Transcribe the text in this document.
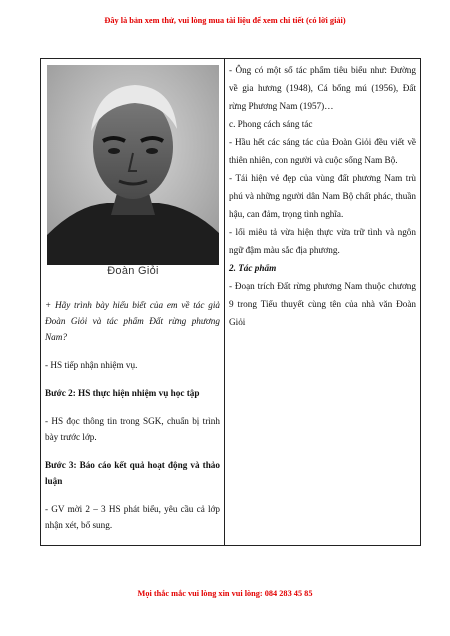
Đây là bản xem thử, vui lòng mua tài liệu để xem chi tiết (có lời giải)
Đoàn Giỏi

+ Hãy trình bày hiểu biết của em về tác giả Đoàn Giỏi và tác phẩm Đất rừng phương Nam?

- HS tiếp nhận nhiệm vụ.

Bước 2: HS thực hiện nhiệm vụ học tập

- HS đọc thông tin trong SGK, chuẩn bị trình bày trước lớp.

Bước 3: Báo cáo kết quả hoạt động và thảo luận

- GV mời 2 – 3 HS phát biểu, yêu cầu cả lớp nhận xét, bổ sung.

- Ông có một số tác phẩm tiêu biểu như: Đường về gia hương (1948), Cá bống mú (1956), Đất rừng Phương Nam (1957)…

c. Phong cách sáng tác

- Hầu hết các sáng tác của Đoàn Giỏi đều viết về thiên nhiên, con người và cuộc sống Nam Bộ.

- Tái hiện vẻ đẹp của vùng đất phương Nam trù phú và những người dân Nam Bộ chất phác, thuần hậu, can đảm, trọng tình nghĩa.

- lối miêu tả vừa hiện thực vừa trữ tình và ngôn ngữ đậm màu sắc địa phương.

2. Tác phẩm

- Đoạn trích Đất rừng phương Nam thuộc chương 9 trong Tiểu thuyết cùng tên của nhà văn Đoàn Giỏi

Mọi thắc mắc vui lòng xin vui lòng: 084 283 45 85
